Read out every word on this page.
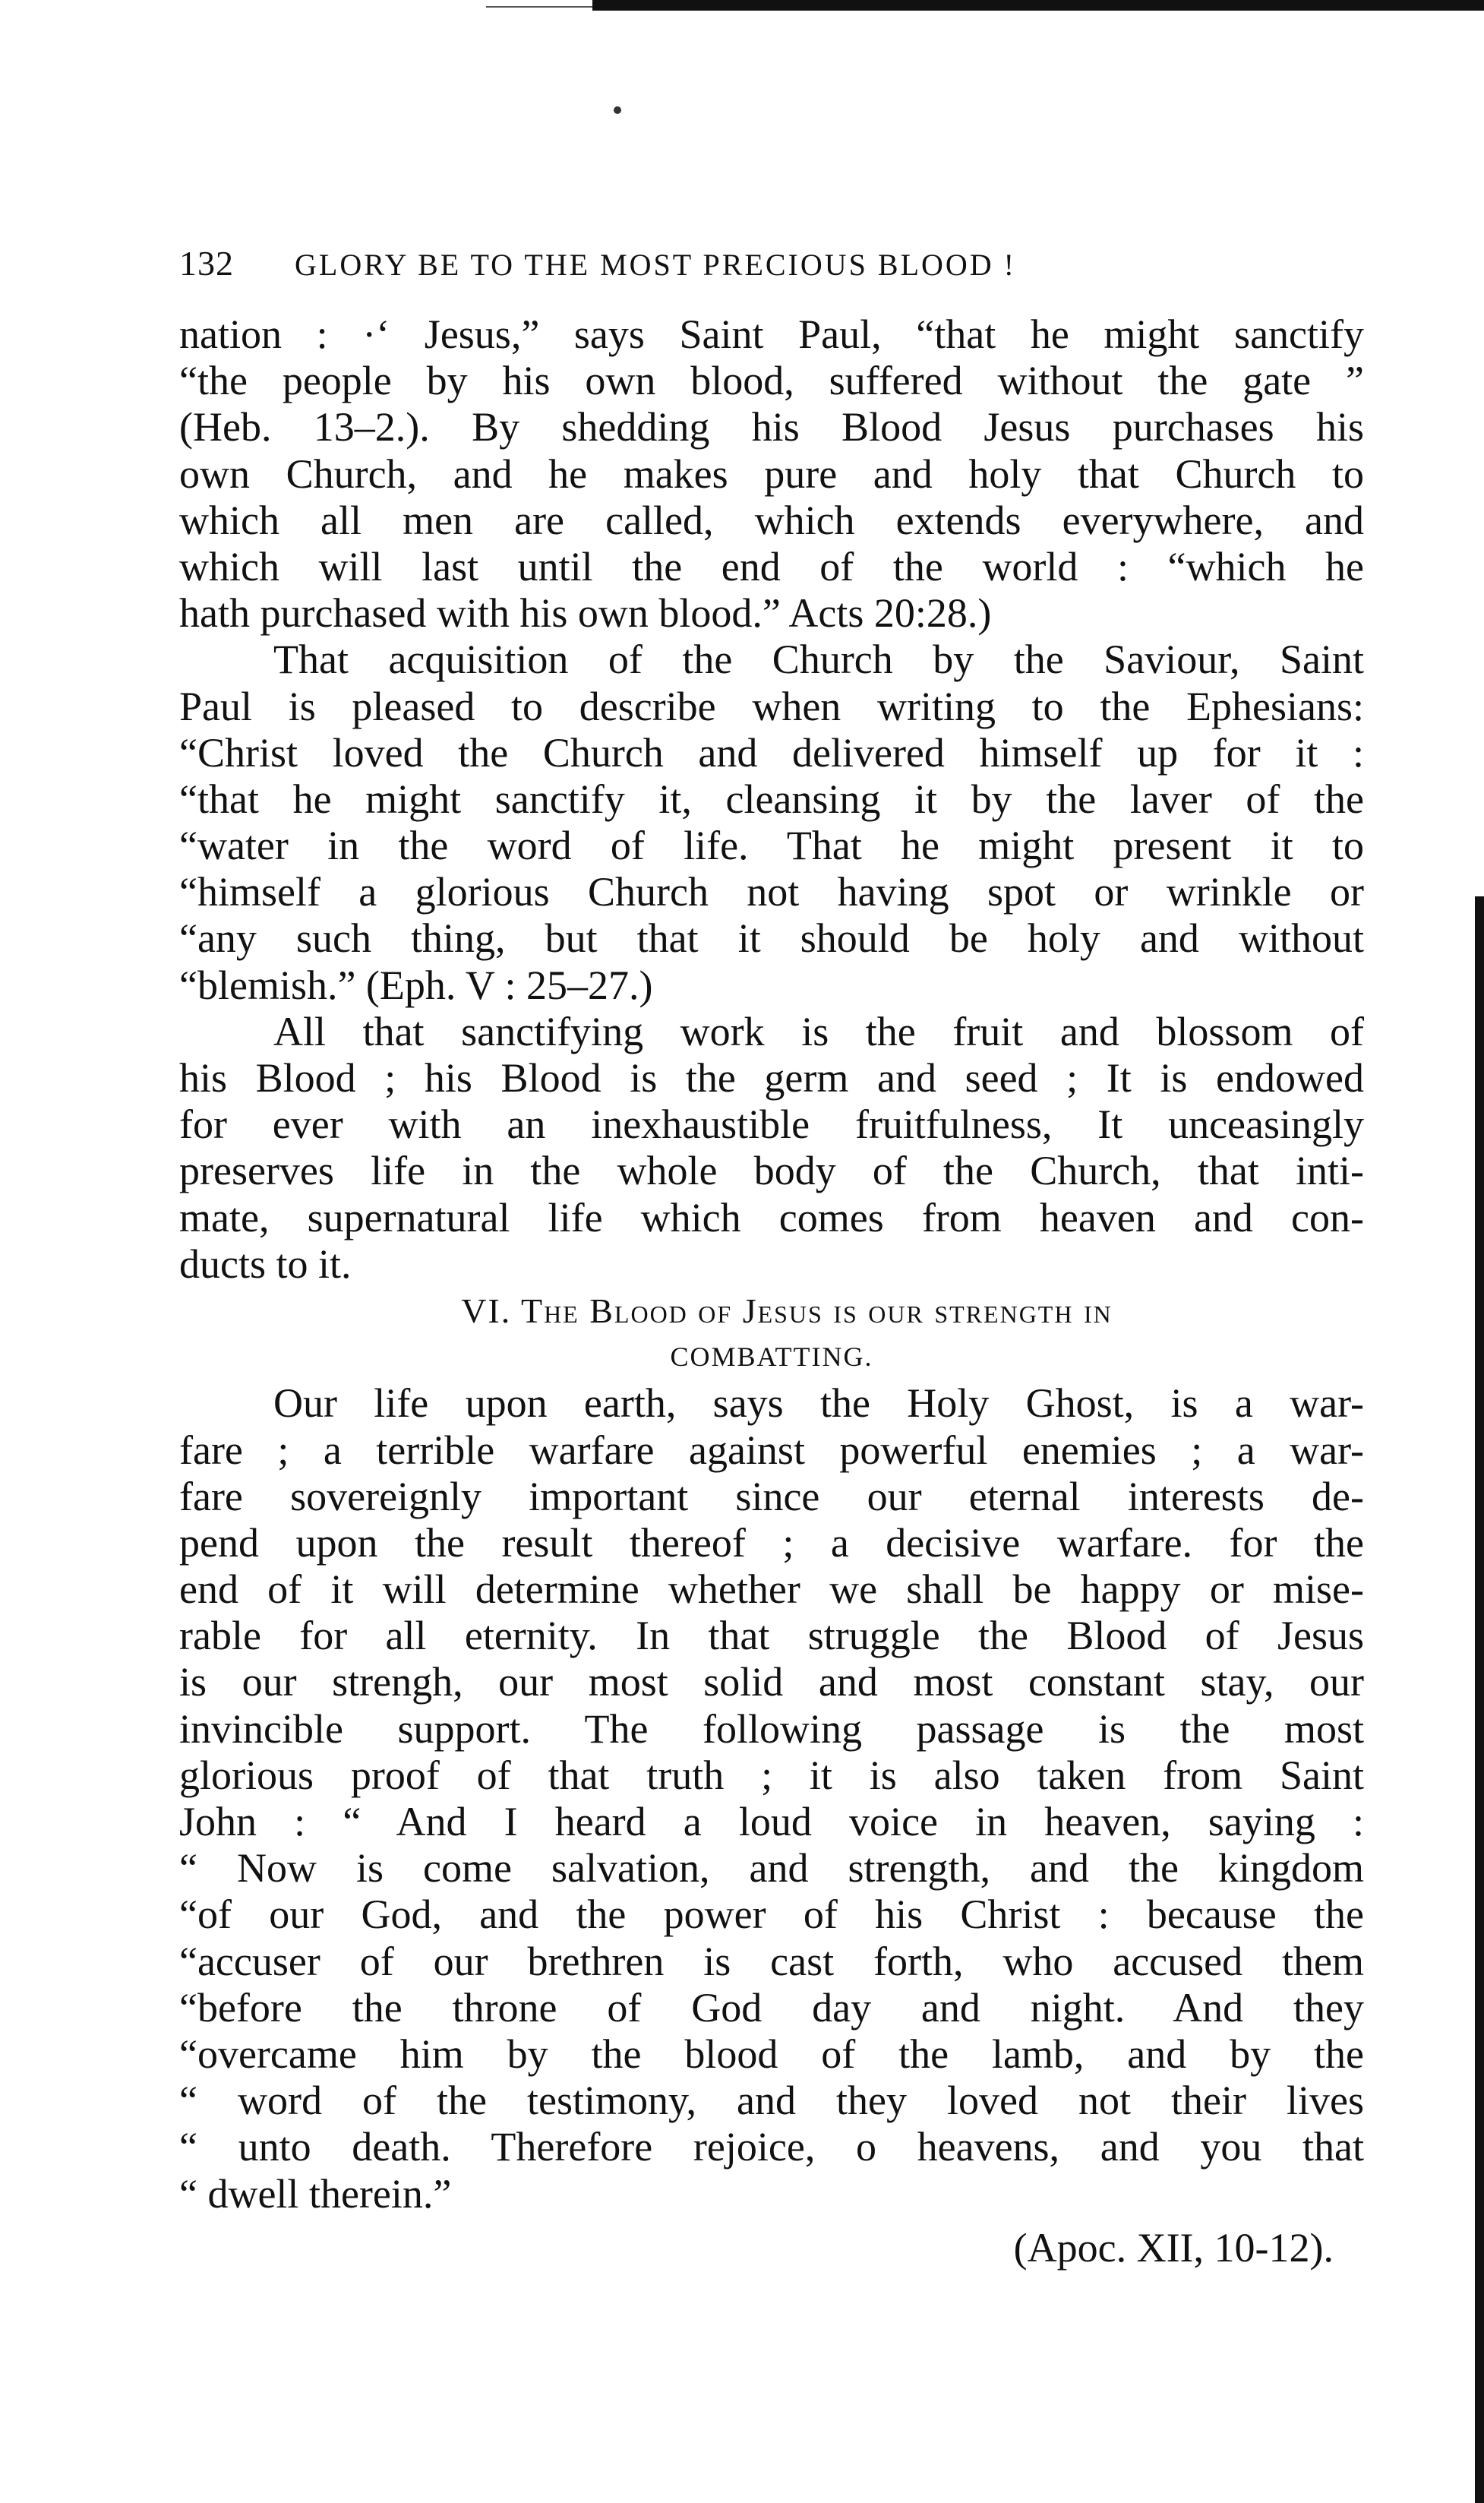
132 GLORY BE TO THE MOST PRECIOUS BLOOD !
nation : ·‘ Jesus,” says Saint Paul, “that he might sanctify
“the people by his own blood, suffered without the gate ”
(Heb. 13–2.). By shedding his Blood Jesus purchases his
own Church, and he makes pure and holy that Church to
which all men are called, which extends everywhere, and
which will last until the end of the world : “which he
hath purchased with his own blood.” Acts 20:28.)
That acquisition of the Church by the Saviour, Saint
Paul is pleased to describe when writing to the Ephesians:
“Christ loved the Church and delivered himself up for it :
“that he might sanctify it, cleansing it by the laver of the
“water in the word of life. That he might present it to
“himself a glorious Church not having spot or wrinkle or
“any such thing, but that it should be holy and without
“blemish.” (Eph. V : 25–27.)
All that sanctifying work is the fruit and blossom of
his Blood ; his Blood is the germ and seed ; It is endowed
for ever with an inexhaustible fruitfulness, It unceasingly
preserves life in the whole body of the Church, that inti-
mate, supernatural life which comes from heaven and con-
ducts to it.
VI. The Blood of Jesus is our strength in
COMBATTING.
Our life upon earth, says the Holy Ghost, is a war-
fare ; a terrible warfare against powerful enemies ; a war-
fare sovereignly important since our eternal interests de-
pend upon the result thereof ; a decisive warfare. for the
end of it will determine whether we shall be happy or mise-
rable for all eternity. In that struggle the Blood of Jesus
is our strengh, our most solid and most constant stay, our
invincible support. The following passage is the most
glorious proof of that truth ; it is also taken from Saint
John : “ And I heard a loud voice in heaven, saying :
“ Now is come salvation, and strength, and the kingdom
“of our God, and the power of his Christ : because the
“accuser of our brethren is cast forth, who accused them
“before the throne of God day and night. And they
“overcame him by the blood of the lamb, and by the
“ word of the testimony, and they loved not their lives
“ unto death. Therefore rejoice, o heavens, and you that
“ dwell therein.”
(Apoc. XII, 10-12).
